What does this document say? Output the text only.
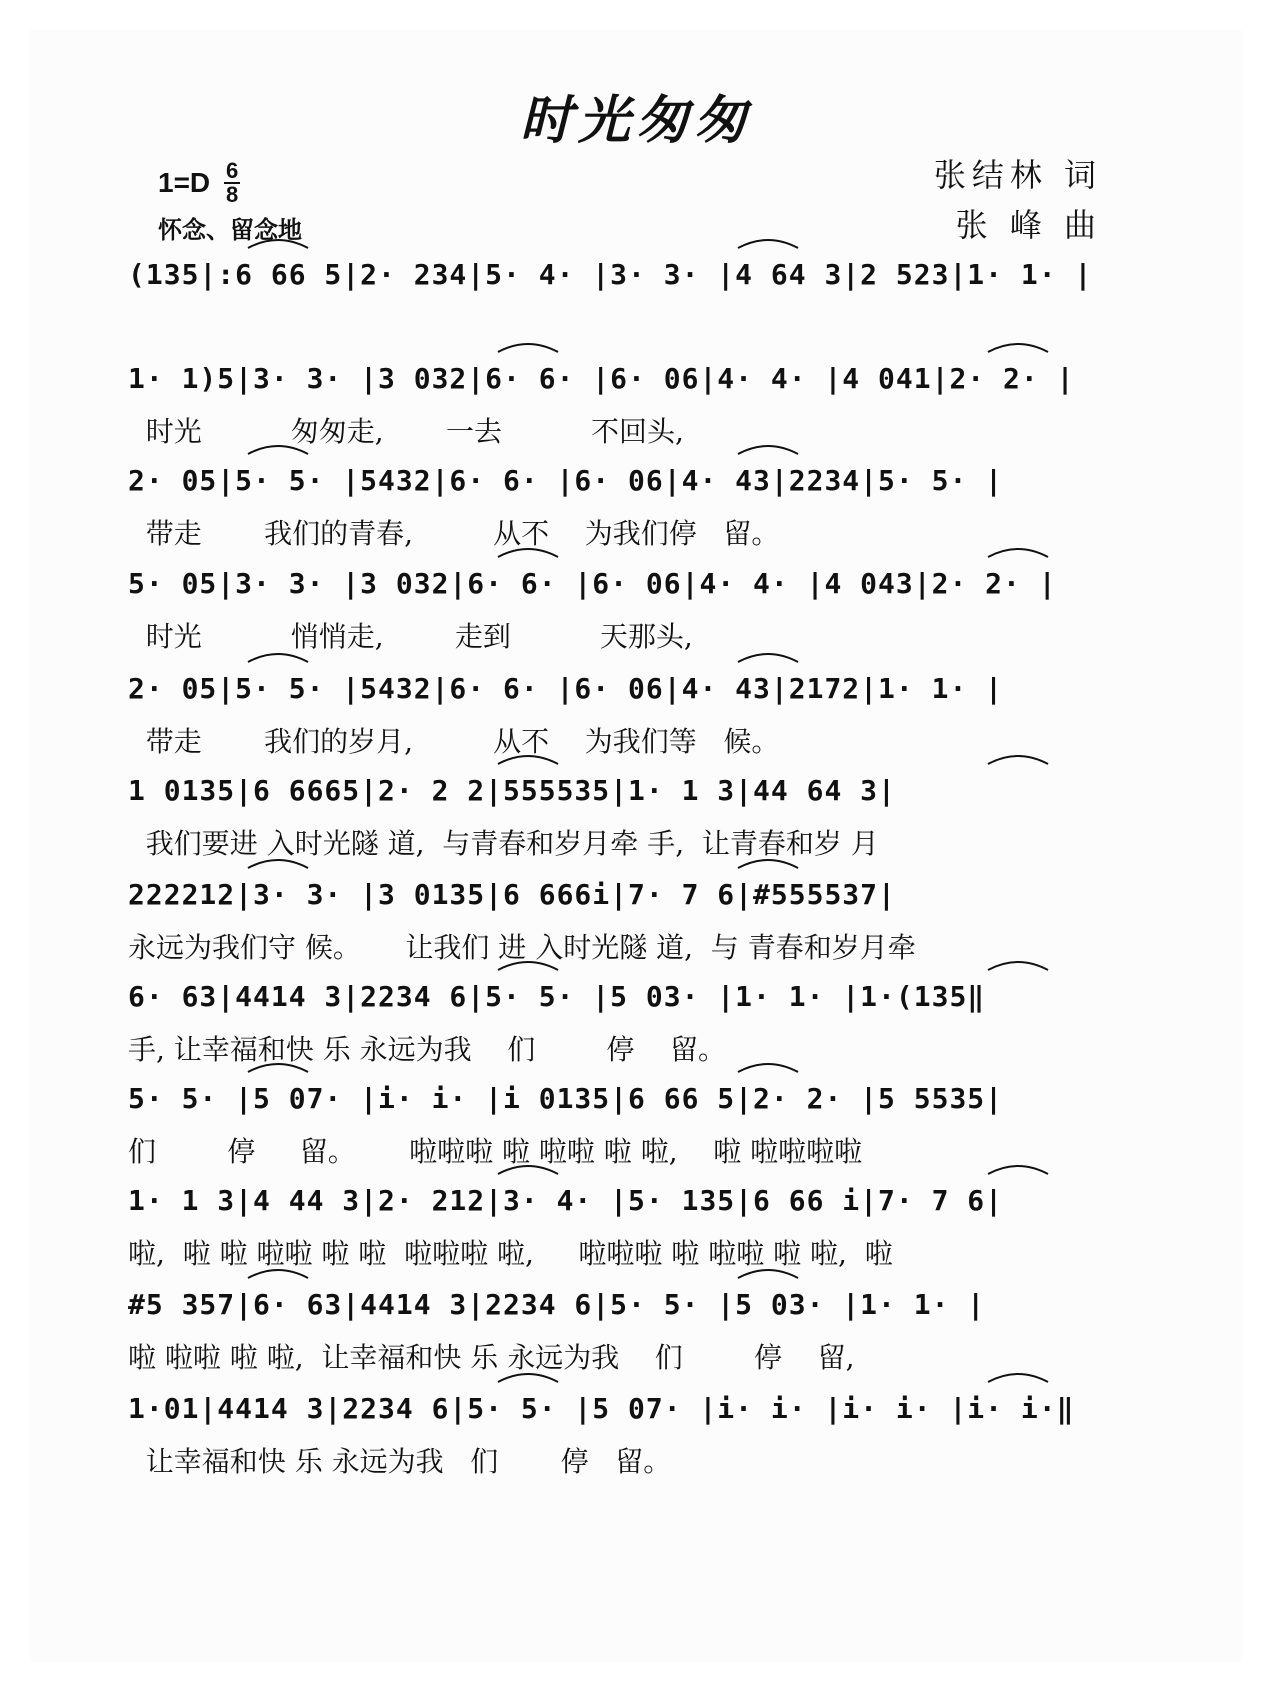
时光匆匆
1=D 6
8
怀念、留念地
张结林 词
张 峰 曲
(135|:6 66 5|2· 234|5· 4· |3· 3· |4 64 3|2 523|1· 1· |
1· 1)5|3· 3· |3 032|6· 6· |6· 06|4· 4· |4 041|2· 2· |
时光          匆匆走,       一去          不回头,
2· 05|5· 5· |5432|6· 6· |6· 06|4· 43|2234|5· 5· |
带走       我们的青春,         从不    为我们停   留。
5· 05|3· 3· |3 032|6· 6· |6· 06|4· 4· |4 043|2· 2· |
时光          悄悄走,        走到          天那头,
2· 05|5· 5· |5432|6· 6· |6· 06|4· 43|2172|1· 1· |
带走       我们的岁月,         从不    为我们等   候。
1 0135|6 6665|2· 2 2|555535|1· 1 3|44 64 3|
我们要进 入时光隧 道,  与青春和岁月牵 手,  让青春和岁 月
222212|3· 3· |3 0135|6 666i|7· 7 6|#555537|
永远为我们守 候。     让我们 进 入时光隧 道,  与 青春和岁月牵
6· 63|4414 3|2234 6|5· 5· |5 03· |1· 1· |1·(135‖
手, 让幸福和快 乐 永远为我    们        停    留。
5· 5· |5 07· |i· i· |i 0135|6 66 5|2· 2· |5 5535|
们        停     留。      啦啦啦 啦 啦啦 啦 啦,    啦 啦啦啦啦
1· 1 3|4 44 3|2· 212|3· 4· |5· 135|6 66 i|7· 7 6|
啦,  啦 啦 啦啦 啦 啦  啦啦啦 啦,     啦啦啦 啦 啦啦 啦 啦,  啦
#5 357|6· 63|4414 3|2234 6|5· 5· |5 03· |1· 1· |
啦 啦啦 啦 啦,  让幸福和快 乐 永远为我    们        停    留,
1·01|4414 3|2234 6|5· 5· |5 07· |i· i· |i· i· |i· i·‖
让幸福和快 乐 永远为我   们       停   留。
